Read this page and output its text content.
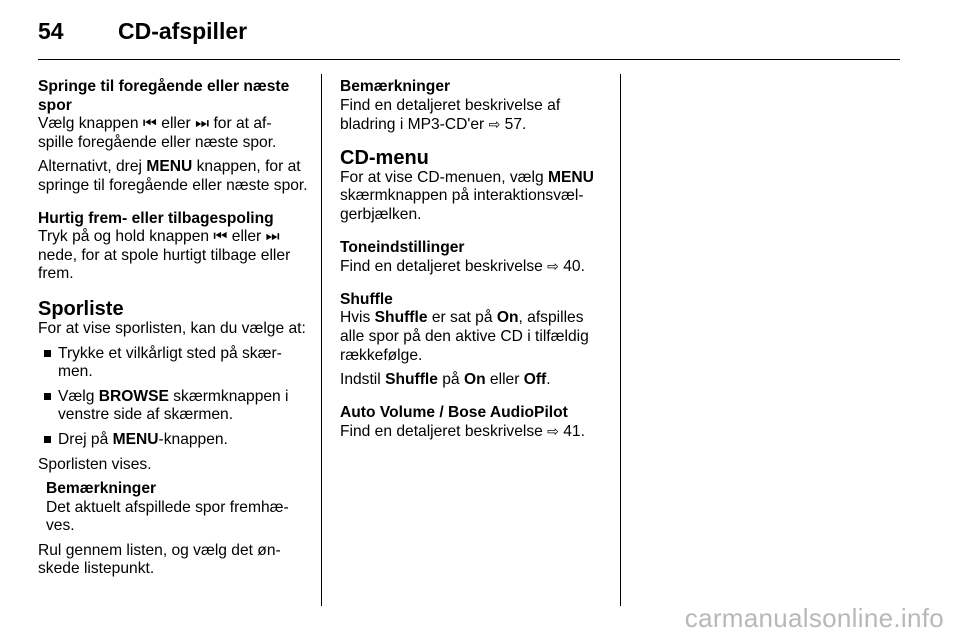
54 CD-afspiller

Springe til foregående eller næste spor

Vælg knappen ⏮ eller ⏭ for at af‐ spille foregående eller næste spor.

Alternativt, drej MENU knappen, for at springe til foregående eller næste spor.

Hurtig frem- eller tilbagespoling

Tryk på og hold knappen ⏮ eller ⏭ nede, for at spole hurtigt tilbage eller frem.

Sporliste

For at vise sporlisten, kan du vælge at:

Trykke et vilkårligt sted på skær‐ men.
Vælg BROWSE skærmknappen i venstre side af skærmen.
Drej på MENU-knappen.

Sporlisten vises.

Bemærkninger

Det aktuelt afspillede spor fremhæ‐ ves.

Rul gennem listen, og vælg det øn‐ skede listepunkt.

Bemærkninger

Find en detaljeret beskrivelse af bladring i MP3-CD'er ⇨ 57.

CD-menu

For at vise CD-menuen, vælg MENU skærmknappen på interaktionsvæl‐ gerbjælken.

Toneindstillinger

Find en detaljeret beskrivelse ⇨ 40.

Shuffle

Hvis Shuffle er sat på On, afspilles alle spor på den aktive CD i tilfældig rækkefølge.

Indstil Shuffle på On eller Off.

Auto Volume / Bose AudioPilot

Find en detaljeret beskrivelse ⇨ 41.

carmanualsonline.info
